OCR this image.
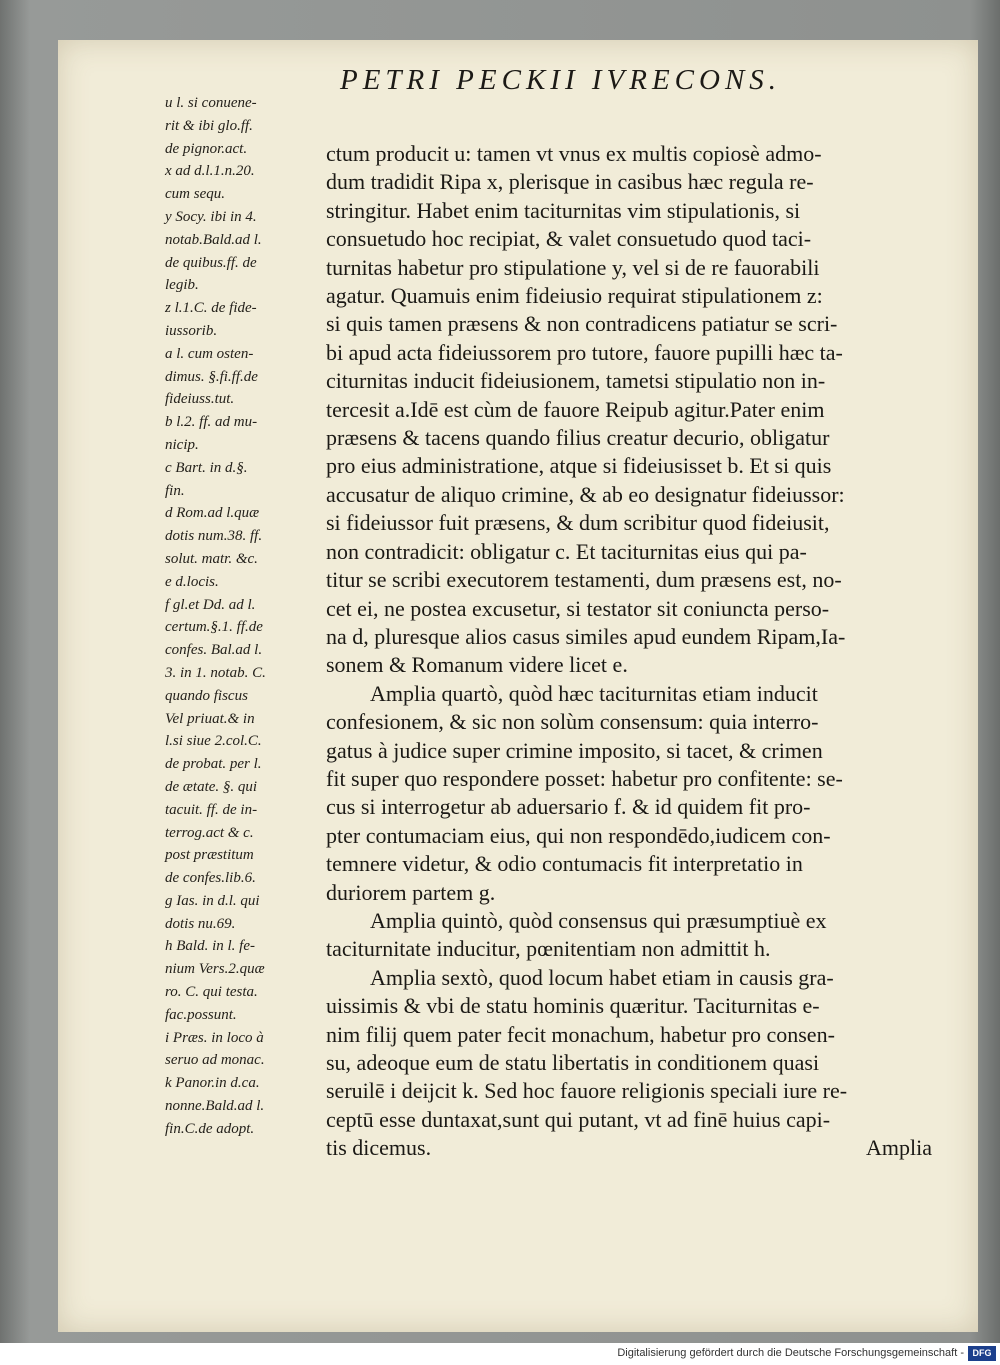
PETRI PECKII IVRECONS.

u l. si conuene-

rit & ibi glo.ff.

de pignor.act.

x ad d.l.1.n.20.

cum sequ.

y Socy. ibi in 4.

notab.Bald.ad l.

de quibus.ff. de

legib.

z l.1.C. de fide-

iussorib.

a l. cum osten-

dimus. §.fi.ff.de

fideiuss.tut.

b l.2. ff. ad mu-

nicip.

c Bart. in d.§.

fin.

d Rom.ad l.quæ

dotis num.38. ff.

solut. matr. &c.

e d.locis.

f gl.et Dd. ad l.

certum.§.1. ff.de

confes. Bal.ad l.

3. in 1. notab. C.

quando fiscus

Vel priuat.& in

l.si siue 2.col.C.

de probat. per l.

de ætate. §. qui

tacuit. ff. de in-

terrog.act & c.

post præstitum

de confes.lib.6.

g Ias. in d.l. qui

dotis nu.69.

h Bald. in l. fe-

nium Vers.2.quæ

ro. C. qui testa.

fac.possunt.

i Præs. in loco à

seruo ad monac.

k Panor.in d.ca.

nonne.Bald.ad l.

fin.C.de adopt.

ctum producit u: tamen vt vnus ex multis copiosè admo-

dum tradidit Ripa x, plerisque in casibus hæc regula re-

stringitur. Habet enim taciturnitas vim stipulationis, si

consuetudo hoc recipiat, & valet consuetudo quod taci-

turnitas habetur pro stipulatione y, vel si de re fauorabili

agatur. Quamuis enim fideiusio requirat stipulationem z:

si quis tamen præsens & non contradicens patiatur se scri-

bi apud acta fideiussorem pro tutore, fauore pupilli hæc ta-

citurnitas inducit fideiusionem, tametsi stipulatio non in-

tercesit a.Idē est cùm de fauore Reipub agitur.Pater enim

præsens & tacens quando filius creatur decurio, obligatur

pro eius administratione, atque si fideiusisset b. Et si quis

accusatur de aliquo crimine, & ab eo designatur fideiussor:

si fideiussor fuit præsens, & dum scribitur quod fideiusit,

non contradicit: obligatur c. Et taciturnitas eius qui pa-

titur se scribi executorem testamenti, dum præsens est, no-

cet ei, ne postea excusetur, si testator sit coniuncta perso-

na d, pluresque alios casus similes apud eundem Ripam,Ia-

sonem & Romanum videre licet e.

Amplia quartò, quòd hæc taciturnitas etiam inducit

confesionem, & sic non solùm consensum: quia interro-

gatus à judice super crimine imposito, si tacet, & crimen

fit super quo respondere posset: habetur pro confitente: se-

cus si interrogetur ab aduersario f. & id quidem fit pro-

pter contumaciam eius, qui non respondēdo,iudicem con-

temnere videtur, & odio contumacis fit interpretatio in

duriorem partem g.

Amplia quintò, quòd consensus qui præsumptiuè ex

taciturnitate inducitur, pœnitentiam non admittit h.

Amplia sextò, quod locum habet etiam in causis gra-

uissimis & vbi de statu hominis quæritur. Taciturnitas e-

nim filij quem pater fecit monachum, habetur pro consen-

su, adeoque eum de statu libertatis in conditionem quasi

seruilē i deijcit k. Sed hoc fauore religionis speciali iure re-

ceptū esse duntaxat,sunt qui putant, vt ad finē huius capi-

tis dicemus.	Amplia

Digitalisierung gefördert durch die Deutsche Forschungsgemeinschaft - DFG
